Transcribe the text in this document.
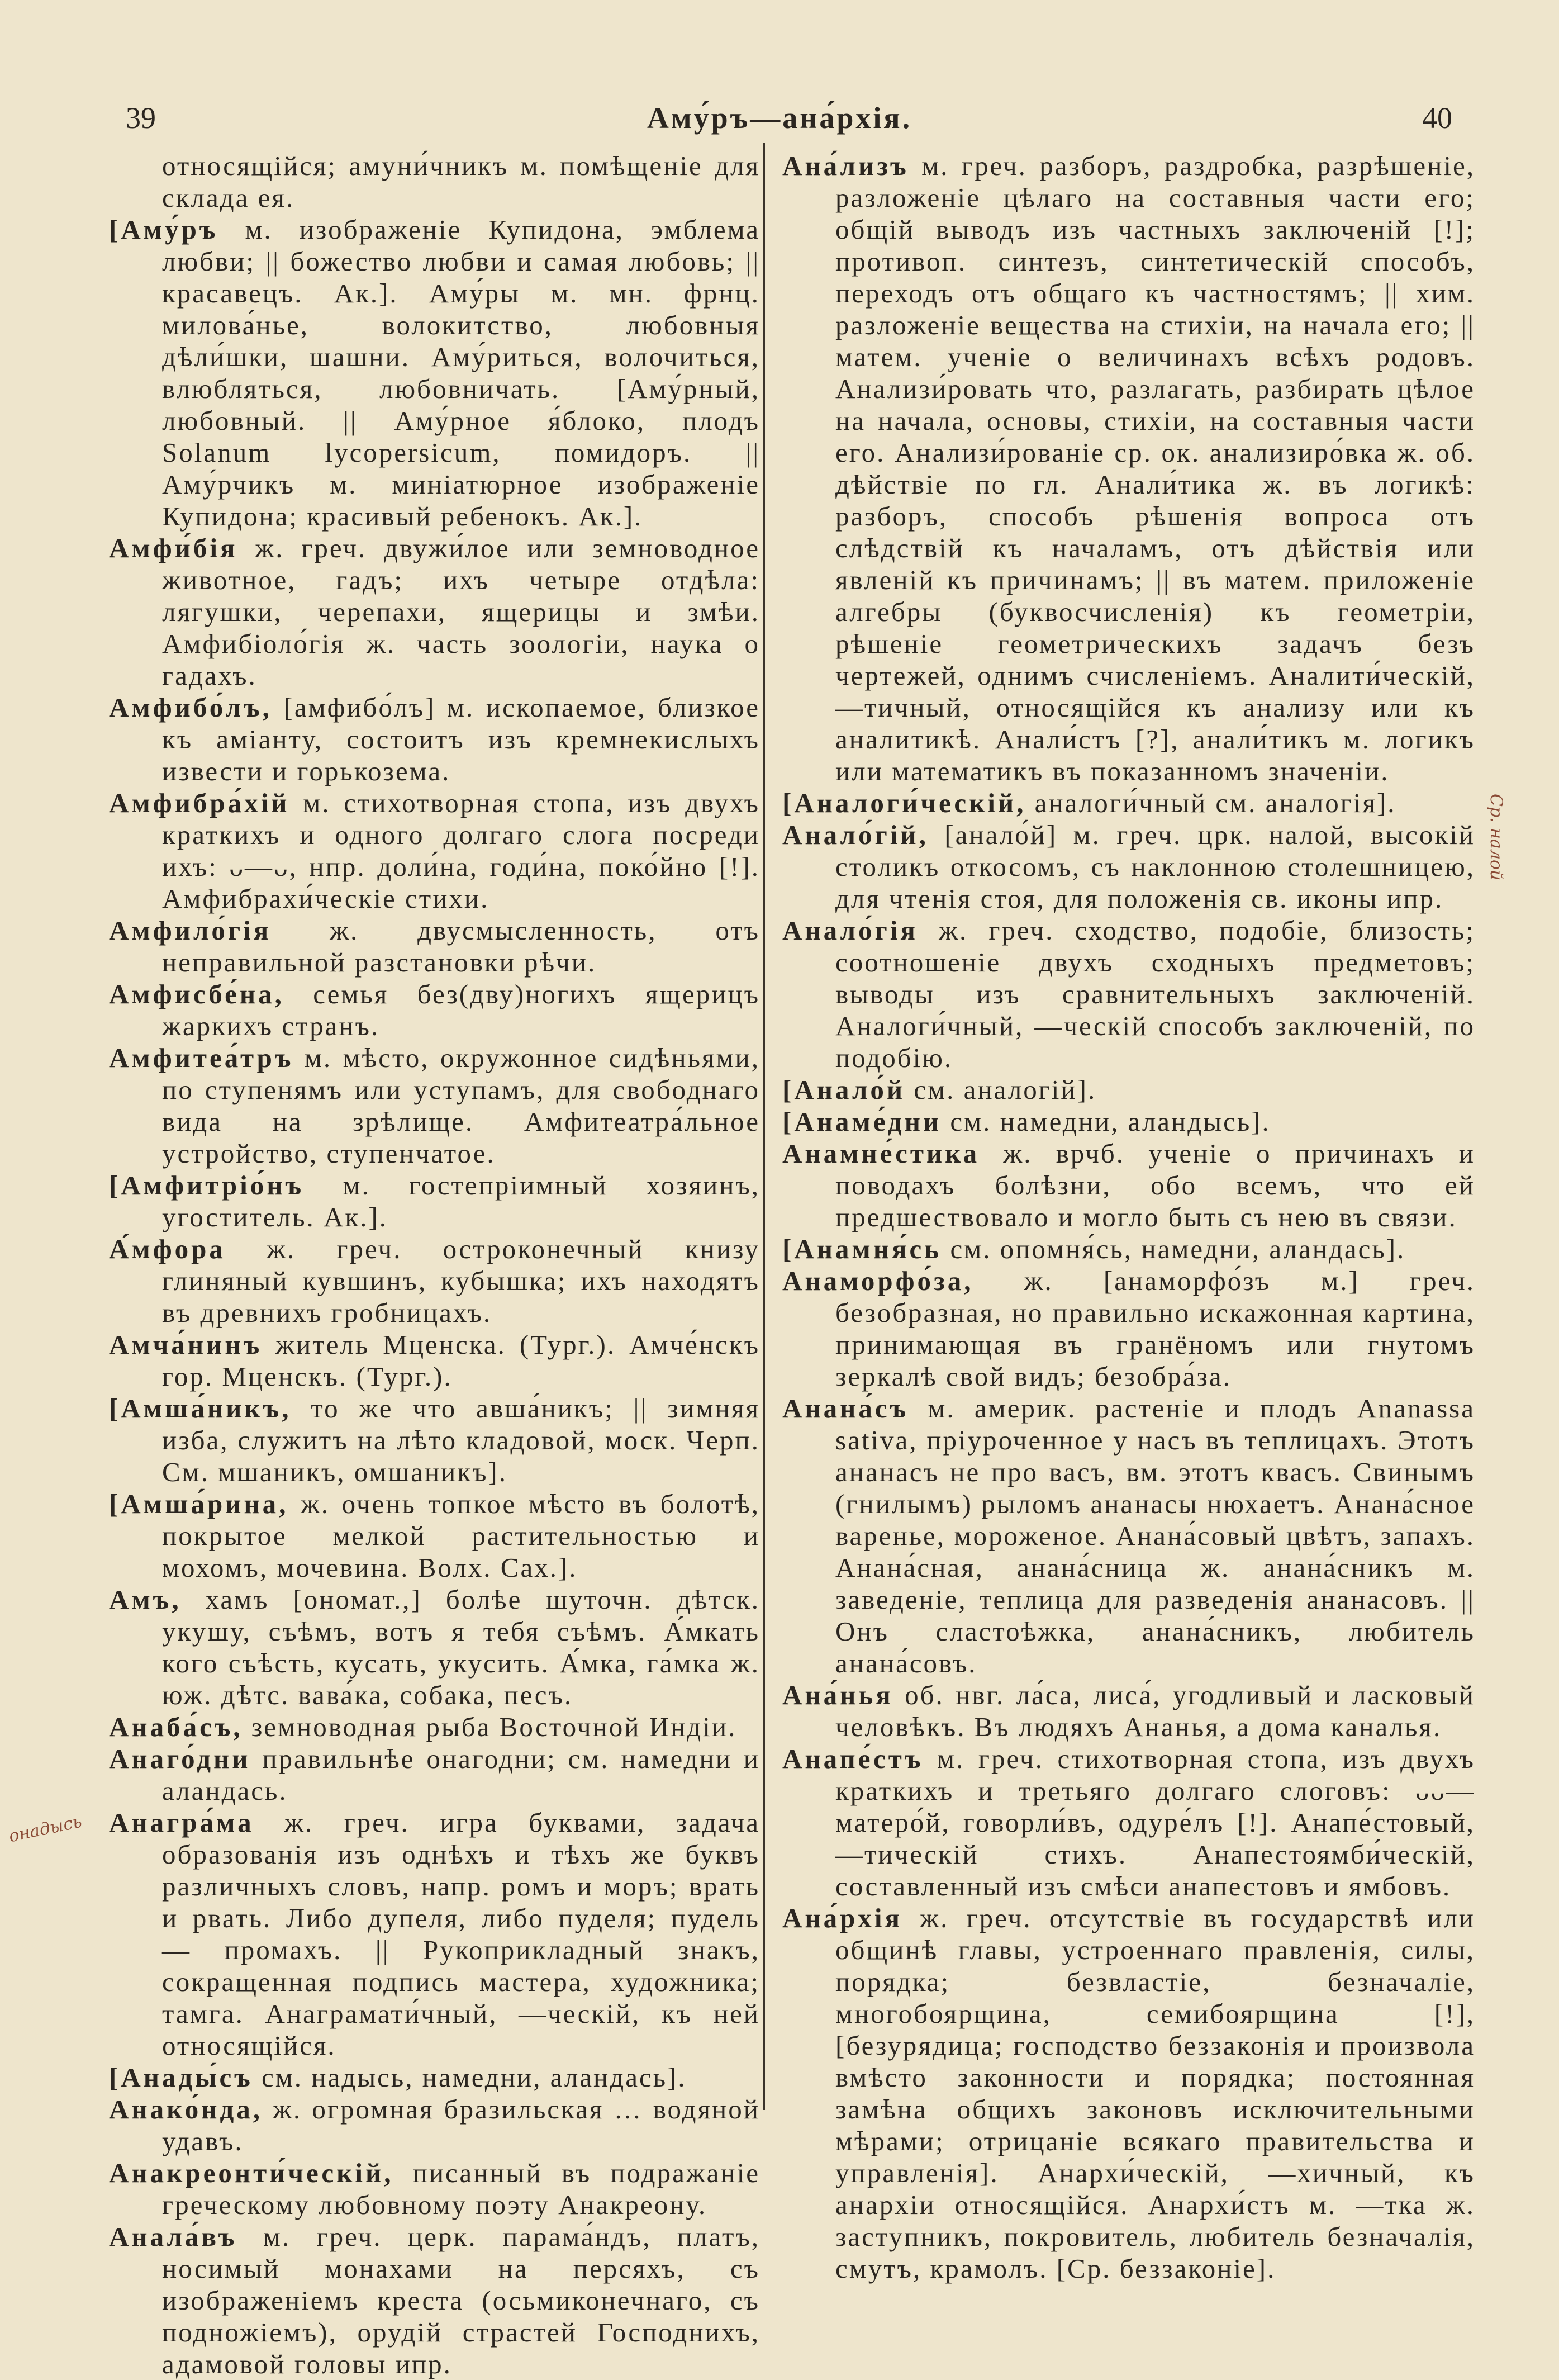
39	Аму́ръ—ана́рхія.	40

относящійся; амуни́чникъ м. помѣщеніе для склада ея.

[Аму́ръ м. изображеніе Купидона, эмблема любви; || божество любви и самая любовь; || красавецъ. Ак.]. Аму́ры м. мн. фрнц. милова́нье, волокитство, любовныя дѣли́шки, шашни. Аму́риться, волочиться, влюбляться, любовничать. [Аму́рный, любовный. || Аму́рное я́блоко, плодъ Solanum lycopersicum, помидоръ. || Аму́рчикъ м. миніатюрное изображеніе Купидона; красивый ребенокъ. Ак.].

Амфи́бія ж. греч. двужи́лое или земноводное животное, гадъ; ихъ четыре отдѣла: лягушки, черепахи, ящерицы и змѣи. Амфибіоло́гія ж. часть зоологіи, наука о гадахъ.

Амфибо́лъ, [амфибо́лъ] м. ископаемое, близкое къ аміанту, состоитъ изъ кремнекислыхъ извести и горькозема.

Амфибра́хій м. стихотворная стопа, изъ двухъ краткихъ и одного долгаго слога посреди ихъ: ᴗ—ᴗ, нпр. доли́на, годи́на, поко́йно [!]. Амфибрахи́ческіе стихи.

Амфило́гія ж. двусмысленность, отъ неправильной разстановки рѣчи.

Амфисбе́на, семья без(дву)ногихъ ящерицъ жаркихъ странъ.

Амфитеа́тръ м. мѣсто, окружонное сидѣньями, по ступенямъ или уступамъ, для свободнаго вида на зрѣлище. Амфитеатра́льное устройство, ступенчатое.

[Амфитріо́нъ м. гостепріимный хозяинъ, угоститель. Ак.].

А́мфора ж. греч. остроконечный книзу глиняный кувшинъ, кубышка; ихъ находятъ въ древнихъ гробницахъ.

Амча́нинъ житель Мценска. (Тург.). Амче́нскъ гор. Мценскъ. (Тург.).

[Амша́никъ, то же что авша́никъ; || зимняя изба, служитъ на лѣто кладовой, моск. Черп. См. мшаникъ, омшаникъ].

[Амша́рина, ж. очень топкое мѣсто въ болотѣ, покрытое мелкой растительностью и мохомъ, мочевина. Волх. Сах.].

Амъ, хамъ [ономат.,] болѣе шуточн. дѣтск. укушу, съѣмъ, вотъ я тебя съѣмъ. А́мкать кого съѣсть, кусать, укусить. А́мка, га́мка ж. юж. дѣтс. вава́ка, собака, песъ.

Анаба́съ, земноводная рыба Восточной Индіи.

Анаго́дни правильнѣе онагодни; см. намедни и аландась.

Анагра́ма ж. греч. игра буквами, задача образованія изъ однѣхъ и тѣхъ же буквъ различныхъ словъ, напр. ромъ и моръ; врать и рвать. Либо дупеля, либо пуделя; пудель — промахъ. || Рукоприкладный знакъ, сокращенная подпись мастера, художника; тамга. Анаграмати́чный, —ческій, къ ней относящійся.

[Анады́съ см. надысь, намедни, аландась].

Анако́нда, ж. огромная бразильская … водяной удавъ.

Анакреонти́ческій, писанный въ подражаніе греческому любовному поэту Анакреону.

Анала́въ м. греч. церк. парама́ндъ, платъ, носимый монахами на персяхъ, съ изображеніемъ креста (осьмиконечнаго, съ подножіемъ), орудій страстей Господнихъ, адамовой головы ипр.

Ана́лизъ м. греч. разборъ, раздробка, разрѣшеніе, разложеніе цѣлаго на составныя части его; общій выводъ изъ частныхъ заключеній [!]; противоп. синтезъ, синтетическій способъ, переходъ отъ общаго къ частностямъ; || хим. разложеніе вещества на стихіи, на начала его; || матем. ученіе о величинахъ всѣхъ родовъ. Анализи́ровать что, разлагать, разбирать цѣлое на начала, основы, стихіи, на составныя части его. Анализи́рованіе ср. ок. анализиро́вка ж. об. дѣйствіе по гл. Анали́тика ж. въ логикѣ: разборъ, способъ рѣшенія вопроса отъ слѣдствій къ началамъ, отъ дѣйствія или явленій къ причинамъ; || въ матем. приложеніе алгебры (буквосчисленія) къ геометріи, рѣшеніе геометрическихъ задачъ безъ чертежей, однимъ счисленіемъ. Аналити́ческій, —тичный, относящійся къ анализу или къ аналитикѣ. Анали́стъ [?], анали́тикъ м. логикъ или математикъ въ показанномъ значеніи.

[Аналоги́ческій, аналоги́чный см. аналогія].

Анало́гій, [анало́й] м. греч. црк. налой, высокій столикъ откосомъ, съ наклонною столешницею, для чтенія стоя, для положенія св. иконы ипр.

Анало́гія ж. греч. сходство, подобіе, близость; соотношеніе двухъ сходныхъ предметовъ; выводы изъ сравнительныхъ заключеній. Аналоги́чный, —ческій способъ заключеній, по подобію.

[Анало́й см. аналогій].

[Анаме́дни см. намедни, аландысь].

Анамне́стика ж. врчб. ученіе о причинахъ и поводахъ болѣзни, обо всемъ, что ей предшествовало и могло быть съ нею въ связи.

[Анамня́сь см. опомня́сь, намедни, аландась].

Анаморфо́за, ж. [анаморфо́зъ м.] греч. безобразная, но правильно искажонная картина, принимающая въ гранёномъ или гнутомъ зеркалѣ свой видъ; безобра́за.

Анана́съ м. америк. растеніе и плодъ Ananassa sativa, пріуроченное у насъ въ теплицахъ. Этотъ ананасъ не про васъ, вм. этотъ квасъ. Свинымъ (гнилымъ) рыломъ ананасы нюхаетъ. Анана́сное вареньe, мороженое. Анана́совый цвѣтъ, запахъ. Анана́сная, анана́сница ж. анана́сникъ м. заведеніе, теплица для разведенія ананасовъ. || Онъ сластоѣжка, анана́сникъ, любитель анана́совъ.

Ана́нья об. нвг. ла́са, лиса́, угодливый и ласковый человѣкъ. Въ людяхъ Ананья, а дома каналья.

Анапе́стъ м. греч. стихотворная стопа, изъ двухъ краткихъ и третьяго долгаго слоговъ: ᴗᴗ— матеро́й, говорли́въ, одуре́лъ [!]. Анапе́стовый, —тическій стихъ. Анапестоямби́ческій, составленный изъ смѣси анапестовъ и ямбовъ.

Ана́рхія ж. греч. отсутствіе въ государствѣ или общинѣ главы, устроеннаго правленія, силы, порядка; безвластіе, безначаліе, многобоярщина, семибоярщина [!], [безурядица; господство беззаконія и произвола вмѣсто законности и порядка; постоянная замѣна общихъ законовъ исключительными мѣрами; отрицаніе всякаго правительства и управленія]. Анархи́ческій, —хичный, къ анархіи относящійся. Анархи́стъ м. —тка ж. заступникъ, покровитель, любитель безначалія, смутъ, крамолъ. [Ср. беззаконіе].

онадысь
Ср. налой
